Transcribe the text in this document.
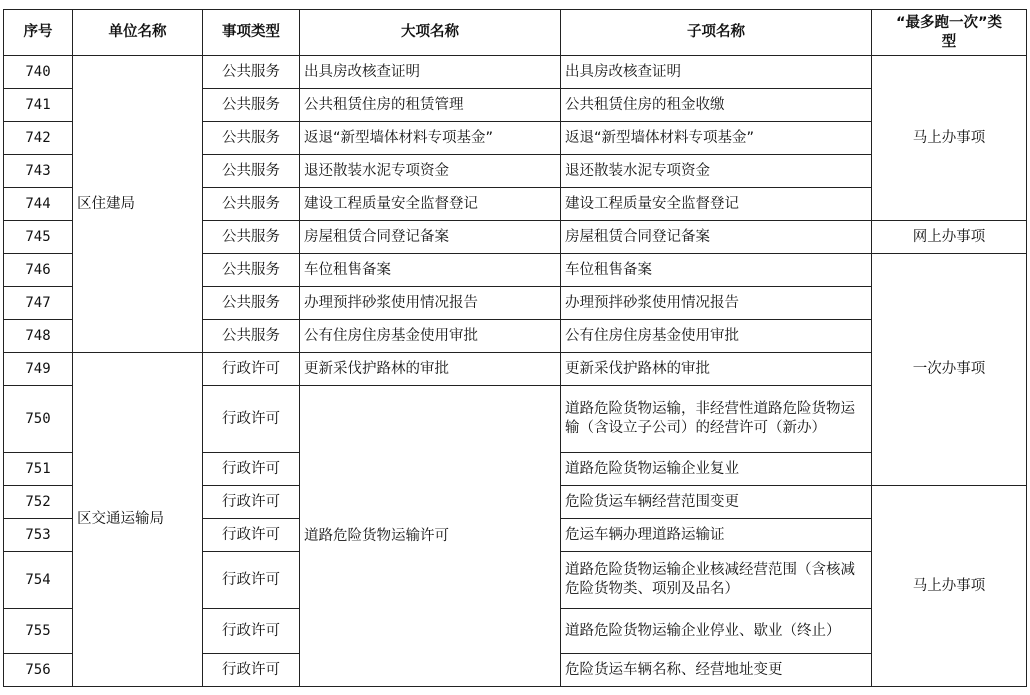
序号	单位名称	事项类型	大项名称	子项名称	“最多跑一次”类型
740	区住建局	公共服务	出具房改核查证明	出具房改核查证明	马上办事项
741		公共服务	公共租赁住房的租赁管理	公共租赁住房的租金收缴	
742		公共服务	返退“新型墙体材料专项基金”	返退“新型墙体材料专项基金”	
743		公共服务	退还散装水泥专项资金	退还散装水泥专项资金	
744		公共服务	建设工程质量安全监督登记	建设工程质量安全监督登记	
745		公共服务	房屋租赁合同登记备案	房屋租赁合同登记备案	网上办事项
746		公共服务	车位租售备案	车位租售备案	一次办事项
747		公共服务	办理预拌砂浆使用情况报告	办理预拌砂浆使用情况报告	
748		公共服务	公有住房住房基金使用审批	公有住房住房基金使用审批	
749	区交通运输局	行政许可	更新采伐护路林的审批	更新采伐护路林的审批	
750		行政许可	道路危险货物运输许可	道路危险货物运输，非经营性道路危险货物运输（含设立子公司）的经营许可（新办）	
751		行政许可		道路危险货物运输企业复业	
752		行政许可		危险货运车辆经营范围变更	马上办事项
753		行政许可		危运车辆办理道路运输证	
754		行政许可		道路危险货物运输企业核减经营范围（含核减危险货物类、项别及品名）	
755		行政许可		道路危险货物运输企业停业、歇业（终止）	
756		行政许可		危险货运车辆名称、经营地址变更	
